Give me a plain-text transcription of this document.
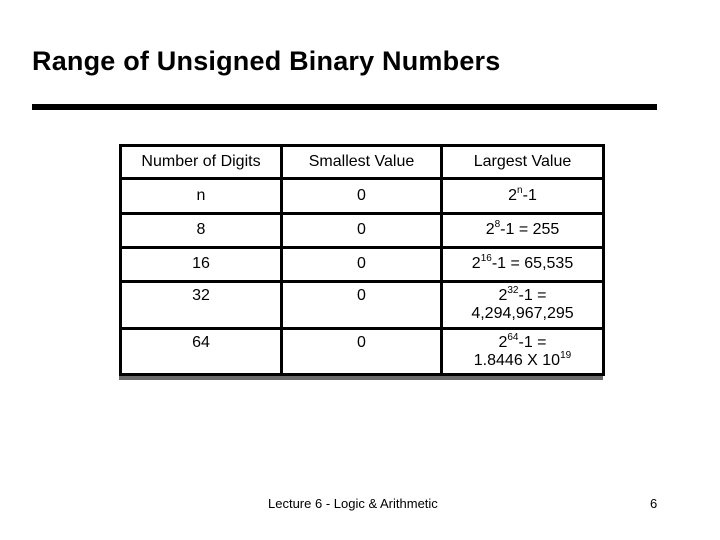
Range of Unsigned Binary Numbers
Number of Digits	Smallest Value	Largest Value
n	0	2$^n$-1
8	0	$2^8-1 = 255$
16	0	$2^{16}-1 = 65,535$
32	0	$2^{32}-1$ =
4,294,967,295

64	0	$2^{64}-1$ =
1.8446 X $10^{19}$
Lecture 6 - Logic & Arithmetic	6
